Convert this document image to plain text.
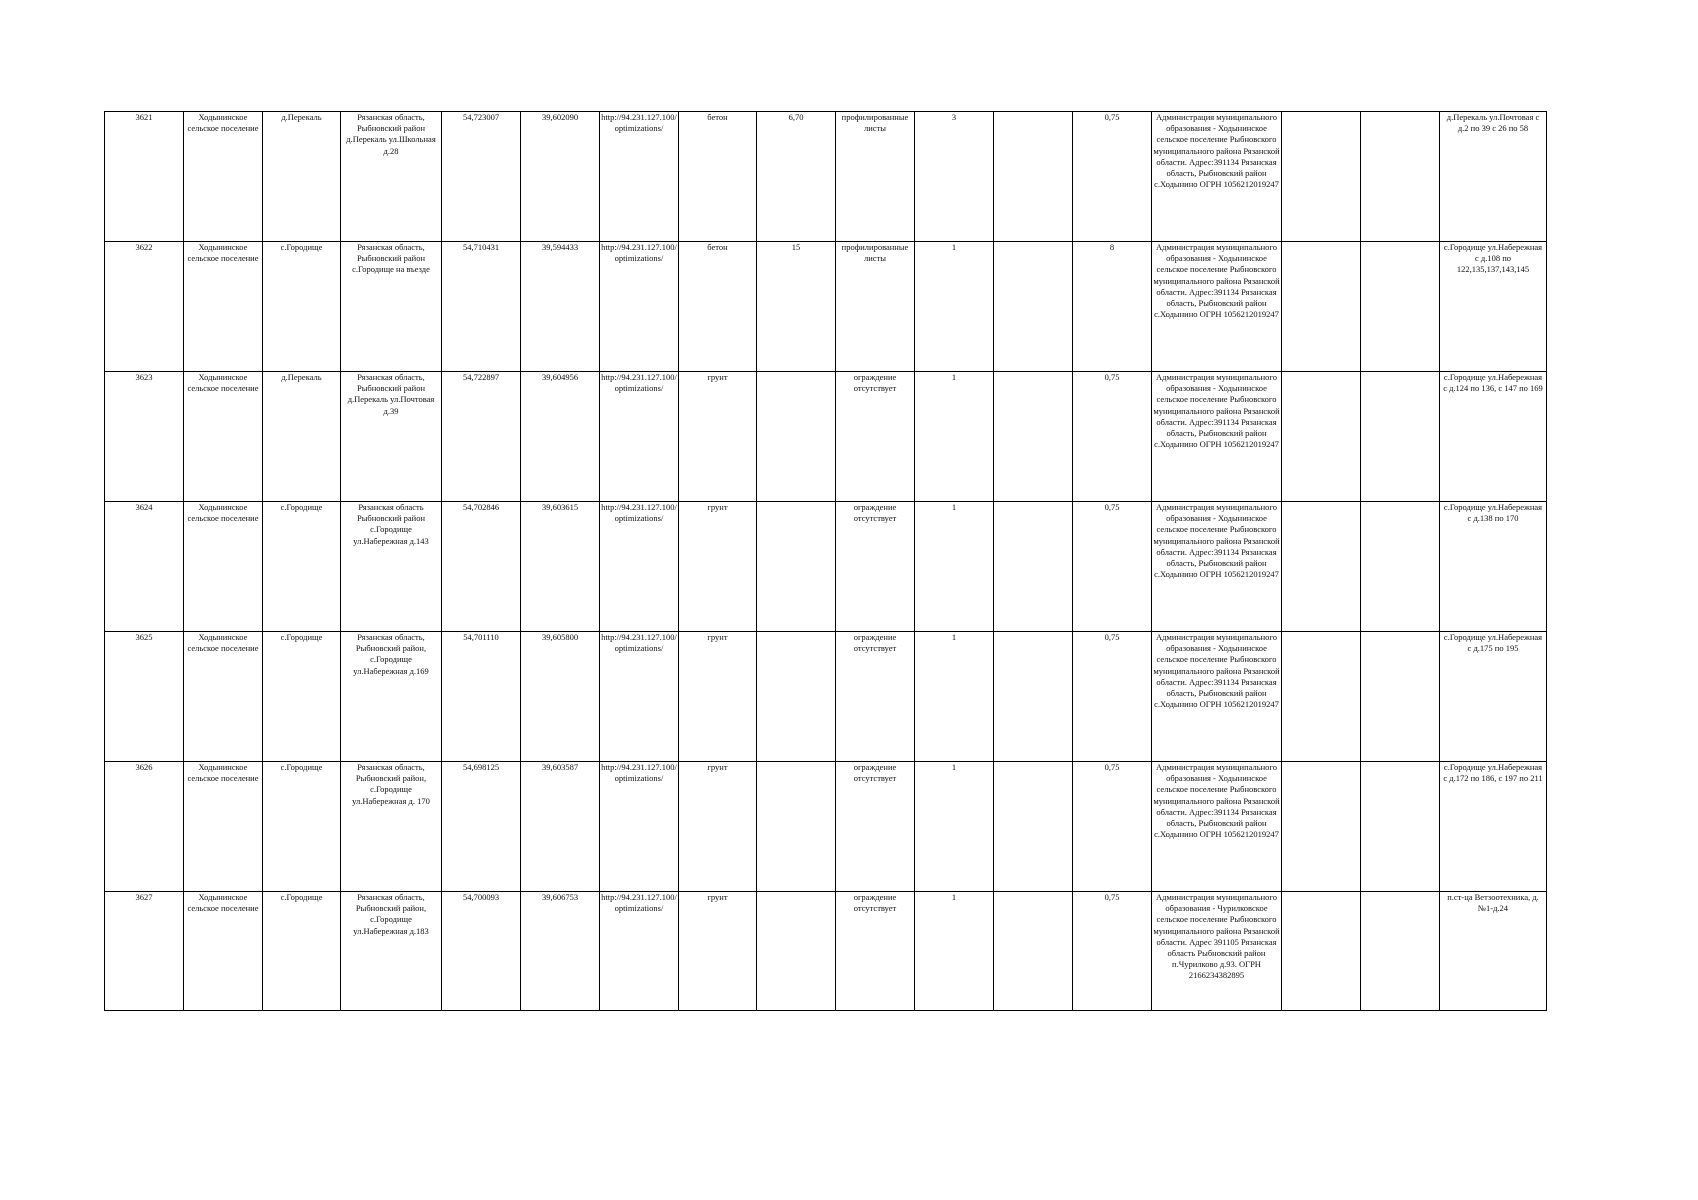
3621	Ходынинское сельское поселение	д.Перекаль	Рязанская область, Рыбновский район д.Перекаль ул.Школьная д.28	54,723007	39,602090	http://94.231.127.100/optimizations/	бетон	6,70	профилированные листы	3		0,75	Администрация муниципального образования - Ходынинское сельское поселение Рыбновского муниципального района Рязанской области. Адрес:391134 Рязанская область, Рыбновский район с.Ходынино ОГРН 1056212019247			д.Перекаль ул.Почтовая с д.2 по 39 с 26 по 58
3622	Ходынинское сельское поселение	с.Городище	Рязанская область, Рыбновский район с.Городище на въезде	54,710431	39,594433	http://94.231.127.100/optimizations/	бетон	15	профилированные листы	1		8	Администрация муниципального образования - Ходынинское сельское поселение Рыбновского муниципального района Рязанской области. Адрес:391134 Рязанская область, Рыбновский район с.Ходынино ОГРН 1056212019247			с.Городище ул.Набережная с д.108 по 122,135,137,143,145
3623	Ходынинское сельское поселение	д.Перекаль	Рязанская область, Рыбновский район д.Перекаль ул.Почтовая д.39	54,722897	39,604956	http://94.231.127.100/optimizations/	грунт		ограждение отсутствует	1		0,75	Администрация муниципального образования - Ходынинское сельское поселение Рыбновского муниципального района Рязанской области. Адрес:391134 Рязанская область, Рыбновский район с.Ходынино ОГРН 1056212019247			с.Городище ул.Набережная с д.124 по 136, с 147 по 169
3624	Ходынинское сельское поселение	с.Городище	Рязанская область Рыбновский район с.Городище ул.Набережная д.143	54,702846	39,603615	http://94.231.127.100/optimizations/	грунт		ограждение отсутствует	1		0,75	Администрация муниципального образования - Ходынинское сельское поселение Рыбновского муниципального района Рязанской области. Адрес:391134 Рязанская область, Рыбновский район с.Ходынино ОГРН 1056212019247			с.Городище ул.Набережная с д.138 по 170
3625	Ходынинское сельское поселение	с.Городище	Рязанская область, Рыбновский район, с.Городище ул.Набережная д.169	54,701110	39,605800	http://94.231.127.100/optimizations/	грунт		ограждение отсутствует	1		0,75	Администрация муниципального образования - Ходынинское сельское поселение Рыбновского муниципального района Рязанской области. Адрес:391134 Рязанская область, Рыбновский район с.Ходынино ОГРН 1056212019247			с.Городище ул.Набережная с д.175 по 195
3626	Ходынинское сельское поселение	с.Городище	Рязанская область, Рыбновский район, с.Городище ул.Набережная д. 170	54,698125	39,603587	http://94.231.127.100/optimizations/	грунт		ограждение отсутствует	1		0,75	Администрация муниципального образования - Ходынинское сельское поселение Рыбновского муниципального района Рязанской области. Адрес:391134 Рязанская область, Рыбновский район с.Ходынино ОГРН 1056212019247			с.Городище ул.Набережная с д.172 по 186, с 197 по 211
3627	Ходынинское сельское поселение	с.Городище	Рязанская область, Рыбновский район, с.Городище ул.Набережная д.183	54,700093	39,606753	http://94.231.127.100/optimizations/	грунт		ограждение отсутствует	1		0,75	Администрация муниципального образования - Чурилковское сельское поселение Рыбновского муниципального района Рязанской области. Адрес 391105 Рязанская область Рыбновский район п.Чурилково д.93. ОГРН 2166234382895			п.ст-ца Ветзоотехника, д.№1-д.24
